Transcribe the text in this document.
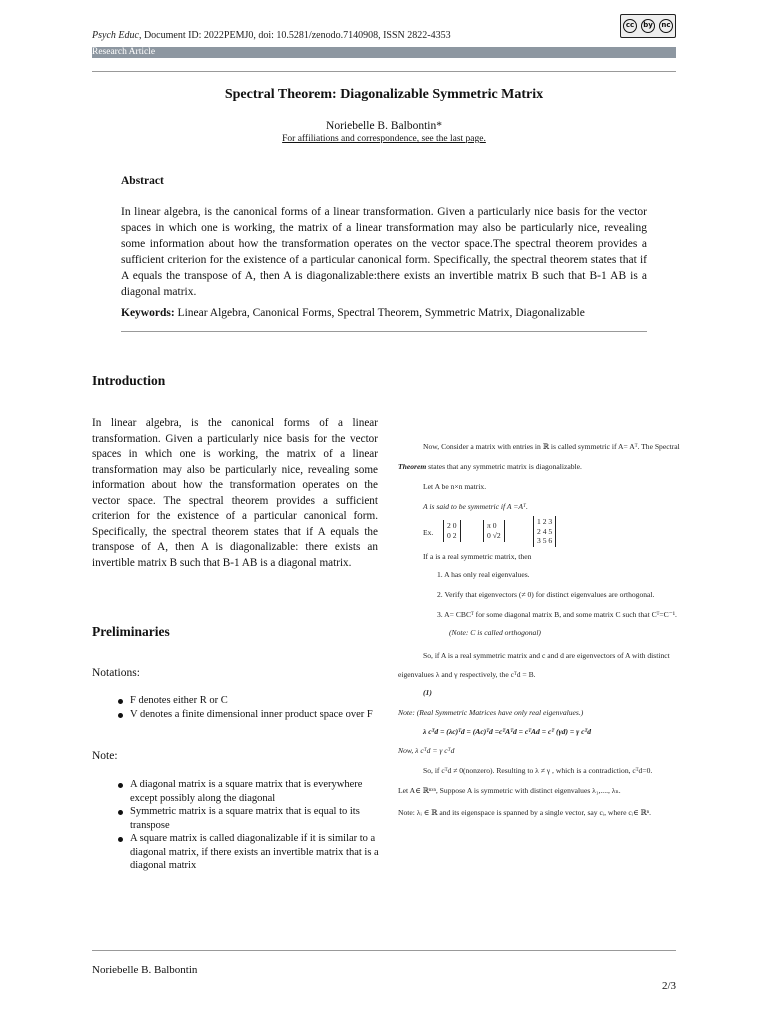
Psych Educ, Document ID: 2022PEMJ0, doi: 10.5281/zenodo.7140908, ISSN 2822-4353
cc	by	nc
Research Article
Spectral Theorem: Diagonalizable Symmetric Matrix
Noriebelle B. Balbontin*
For affiliations and correspondence, see the last page.
Abstract
In linear algebra, is the canonical forms of a linear transformation. Given a particularly nice basis for the vector spaces in which one is working, the matrix of a linear transformation may also be particularly nice, revealing some information about how the transformation operates on the vector space.The spectral theorem provides a sufficient criterion for the existence of a particular canonical form. Specifically, the spectral theorem states that if A equals the transpose of A, then A is diagonalizable:there exists an invertible matrix B such that B-1 AB is a diagonal matrix.
Keywords: Linear Algebra, Canonical Forms, Spectral Theorem, Symmetric Matrix, Diagonalizable
Introduction
In linear algebra, is the canonical forms of a linear transformation. Given a particularly nice basis for the vector spaces in which one is working, the matrix of a linear transformation may also be particularly nice, revealing some information about how the transformation operates on the vector space. The spectral theorem provides a sufficient criterion for the existence of a particular canonical form. Specifically, the spectral theorem states that if A equals the transpose of A, then A is diagonalizable: there exists an invertible matrix B such that B-1 AB is a diagonal matrix.
Preliminaries
Notations:
F denotes either R or C
V denotes a finite dimensional inner product space over F
Note:
A diagonal matrix is a square matrix that is everywhere except possibly along the diagonal
Symmetric matrix is a square matrix that is equal to its transpose
A square matrix is called diagonalizable if it is similar to a diagonal matrix, if there exists an invertible matrix that is a diagonal matrix
Now, Consider a matrix with entries in ℝ is called symmetric if A= Aᵀ. The Spectral
Theorem states that any symmetric matrix is diagonalizable.
Let A be n×n matrix.
A is said to be symmetric if A =Aᵀ.
Ex.
2 0
0 2
π 0
0 √2
1 2 3
2 4 5
3 5 6
If a is a real symmetric matrix, then
1. A has only real eigenvalues.
2. Verify that eigenvectors (≠ 0) for distinct eigenvalues are orthogonal.
3. A= CBCᵀ for some diagonal matrix B, and some matrix C such that Cᵀ=C⁻¹.
(Note: C is called orthogonal)
So, if A is a real symmetric matrix and c and d are eigenvectors of A with distinct
eigenvalues λ and γ respectively, the cᵀd = B.
(1)
Note: (Real Symmetric Matrices have only real eigenvalues.)
λ cᵀd = (λc)ᵀd = (Ac)ᵀd =cᵀAᵀd = cᵀAd = cᵀ (γd) = γ cᵀd
Now, λ cᵀd = γ cᵀd
So, if cᵀd ≠ 0(nonzero). Resulting to λ ≠ γ , which is a contradiction, cᵀd=0.
Let A∈ ℝⁿˣⁿ, Suppose A is symmetric with distinct eigenvalues λ₁,...., λₙ.
Note: λᵢ ∈ ℝ and its eigenspace is spanned by a single vector, say cᵢ, where cᵢ∈ ℝⁿ.
Noriebelle B. Balbontin
2/3
